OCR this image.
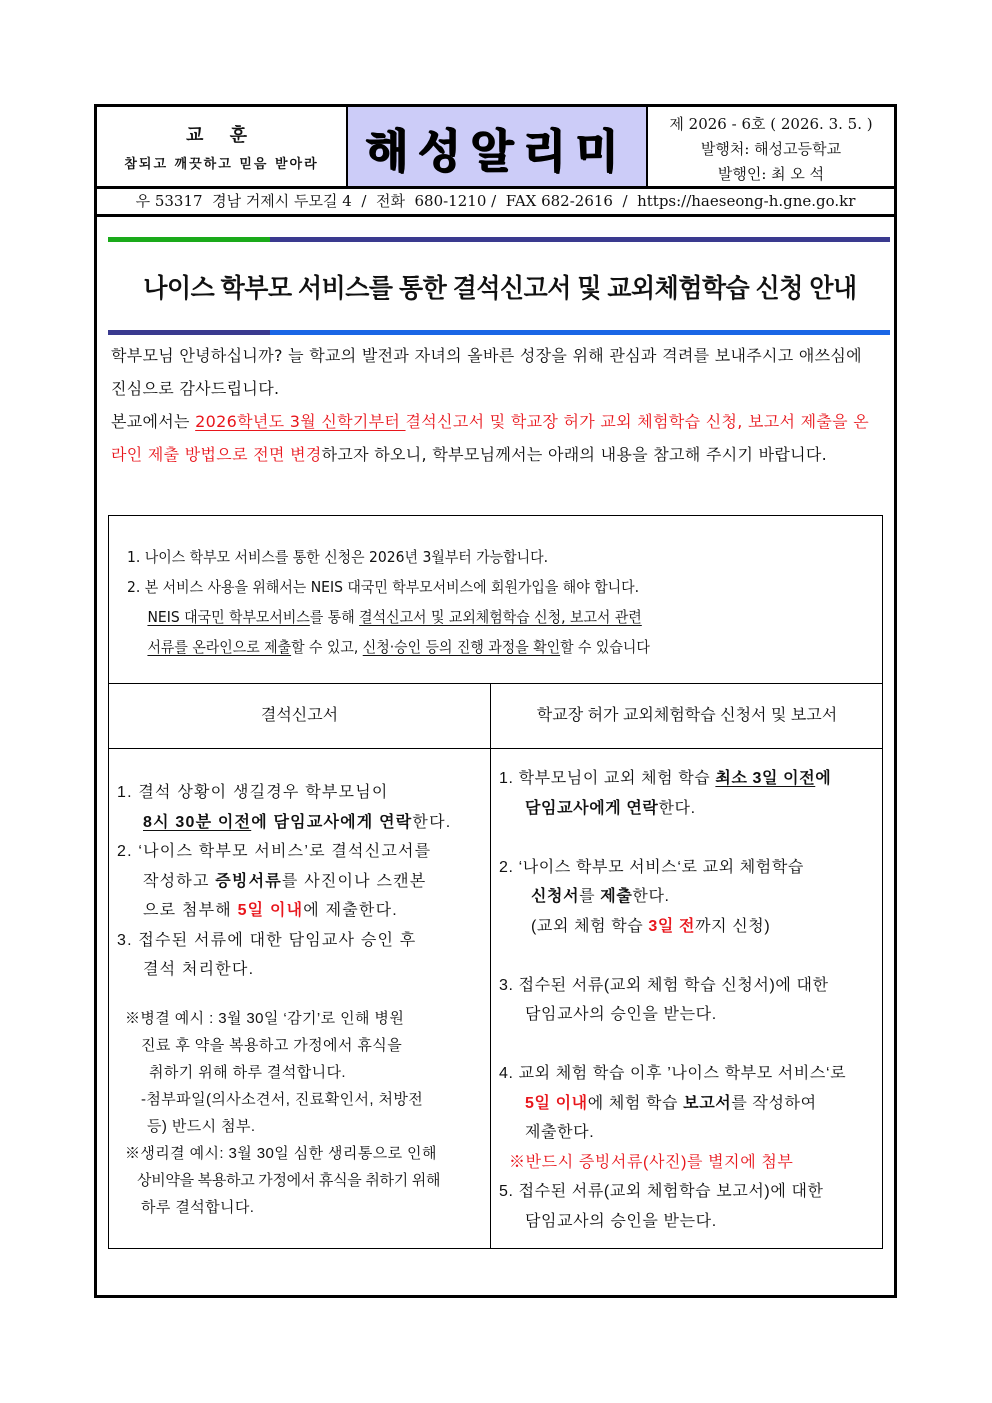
교 훈
참되고 깨끗하고 믿음 받아라	해성알리미
제 2026 - 6호 ( 2026. 3. 5. )
발행처: 해성고등학교
발행인: 최 오 석
우 53317  경남 거제시 두모길 4  /  전화  680-1210 /  FAX 682-2616  /  https://haeseong-h.gne.go.kr
나이스 학부모 서비스를 통한 결석신고서 및 교외체험학습 신청 안내

학부모님 안녕하십니까? 늘 학교의 발전과 자녀의 올바른 성장을 위해 관심과 격려를 보내주시고 애쓰심에 진심으로 감사드립니다.

본교에서는 2026학년도 3월 신학기부터 결석신고서 및 학교장 허가 교외 체험학습 신청, 보고서 제출을 온라인 제출 방법으로 전면 변경하고자 하오니, 학부모님께서는 아래의 내용을 참고해 주시기 바랍니다.

1. 나이스 학부모 서비스를 통한 신청은 2026년 3월부터 가능합니다.

2. 본 서비스 사용을 위해서는 NEIS 대국민 학부모서비스에 회원가입을 해야 합니다.

NEIS 대국민 학부모서비스를 통해 결석신고서 및 교외체험학습 신청, 보고서 관련

서류를 온라인으로 제출할 수 있고, 신청·승인 등의 진행 과정을 확인할 수 있습니다

결석신고서	학교장 허가 교외체험학습 신청서 및 보고서

1. 결석 상황이 생길경우 학부모님이

8시 30분 이전에 담임교사에게 연락한다.

2. ‘나이스 학부모 서비스’로 결석신고서를

작성하고 증빙서류를 사진이나 스캔본

으로 첨부해 5일 이내에 제출한다.

3. 접수된 서류에 대한 담임교사 승인 후

결석 처리한다.

※병결 예시 : 3월 30일 ‘감기’로 인해 병원

진료 후 약을 복용하고 가정에서 휴식을

취하기 위해 하루 결석합니다.

-첨부파일(의사소견서, 진료확인서, 처방전

등) 반드시 첨부.

※생리결 예시: 3월 30일 심한 생리통으로 인해

상비약을 복용하고 가정에서 휴식을 취하기 위해

하루 결석합니다.

1. 학부모님이 교외 체험 학습 최소 3일 이전에

담임교사에게 연락한다.

2. ‘나이스 학부모 서비스‘로 교외 체험학습

신청서를 제출한다.

(교외 체험 학습 3일 전까지 신청)

3. 접수된 서류(교외 체험 학습 신청서)에 대한

담임교사의 승인을 받는다.

4. 교외 체험 학습 이후 ’나이스 학부모 서비스‘로

5일 이내에 체험 학습 보고서를 작성하여

제출한다.

※반드시 증빙서류(사진)를 별지에 첨부

5. 접수된 서류(교외 체험학습 보고서)에 대한

담임교사의 승인을 받는다.
